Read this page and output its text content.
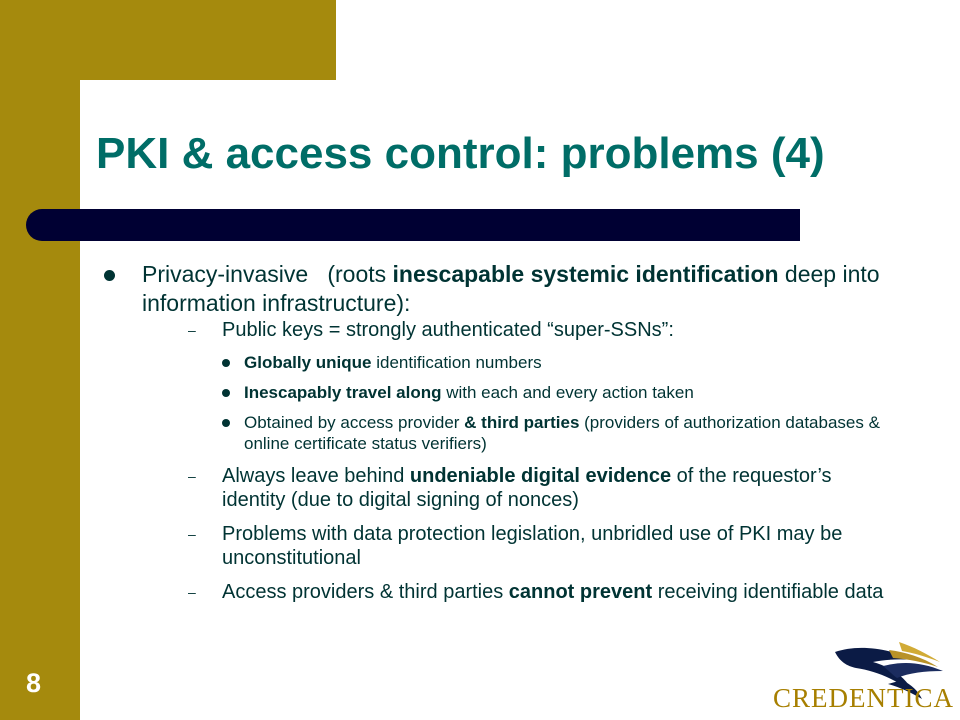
PKI & access control: problems (4)
Privacy-invasive (roots inescapable systemic identification deep into information infrastructure):
– Public keys = strongly authenticated “super-SSNs”:
Globally unique identification numbers
Inescapably travel along with each and every action taken
Obtained by access provider & third parties (providers of authorization databases & online certificate status verifiers)
– Always leave behind undeniable digital evidence of the requestor’s identity (due to digital signing of nonces)
– Problems with data protection legislation, unbridled use of PKI may be unconstitutional
– Access providers & third parties cannot prevent receiving identifiable data
8	CREDENTICA
